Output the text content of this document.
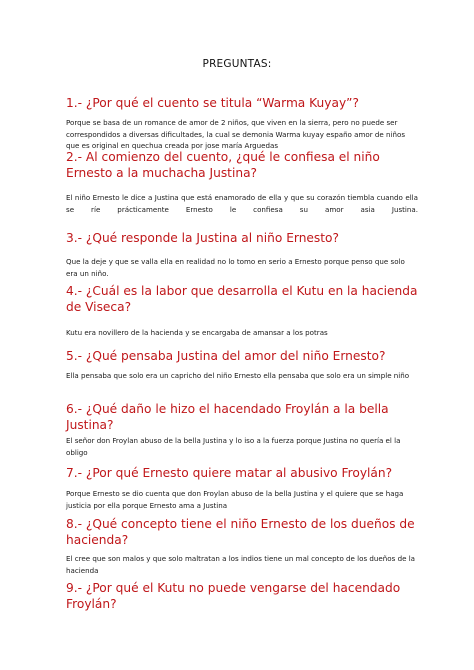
PREGUNTAS:
1.- ¿Por qué el cuento se titula “Warma Kuyay”?
Porque se basa de un romance de amor de 2 niños, que viven en la sierra, pero no puede ser correspondidos a diversas dificultades, la cual se demonia Warma kuyay españo amor de niños que es original en quechua creada por jose maría Arguedas
2.- Al comienzo del cuento, ¿qué le confiesa el niño Ernesto a la muchacha Justina?
El niño Ernesto le dice a Justina que está enamorado de ella y que su corazón tiembla cuando ella se ríe prácticamente Ernesto le confiesa su amor asia Justina.
3.- ¿Qué responde la Justina al niño Ernesto?
Que la deje y que se valla ella en realidad no lo tomo en serio a Ernesto porque penso que solo era un niño.
4.- ¿Cuál es la labor que desarrolla el Kutu en la hacienda de Viseca?
Kutu era novillero de la hacienda y se encargaba de amansar a los potras
5.- ¿Qué pensaba Justina del amor del niño Ernesto?
Ella pensaba que solo era un capricho del niño Ernesto ella pensaba que solo era un simple niño
6.- ¿Qué daño le hizo el hacendado Froylán a la bella Justina?
El señor don Froylan abuso de la bella Justina y lo iso a la fuerza porque Justina no quería el la obligo
7.- ¿Por qué Ernesto quiere matar al abusivo Froylán?
Porque Ernesto se dio cuenta que don Froylan abuso de la bella Justina y el quiere que se haga justicia por ella porque Ernesto ama a Justina
8.- ¿Qué concepto tiene el niño Ernesto de los dueños de hacienda?
El cree que son malos y que solo maltratan a los indios tiene un mal concepto de los dueños de la hacienda
9.- ¿Por qué el Kutu no puede vengarse del hacendado Froylán?
